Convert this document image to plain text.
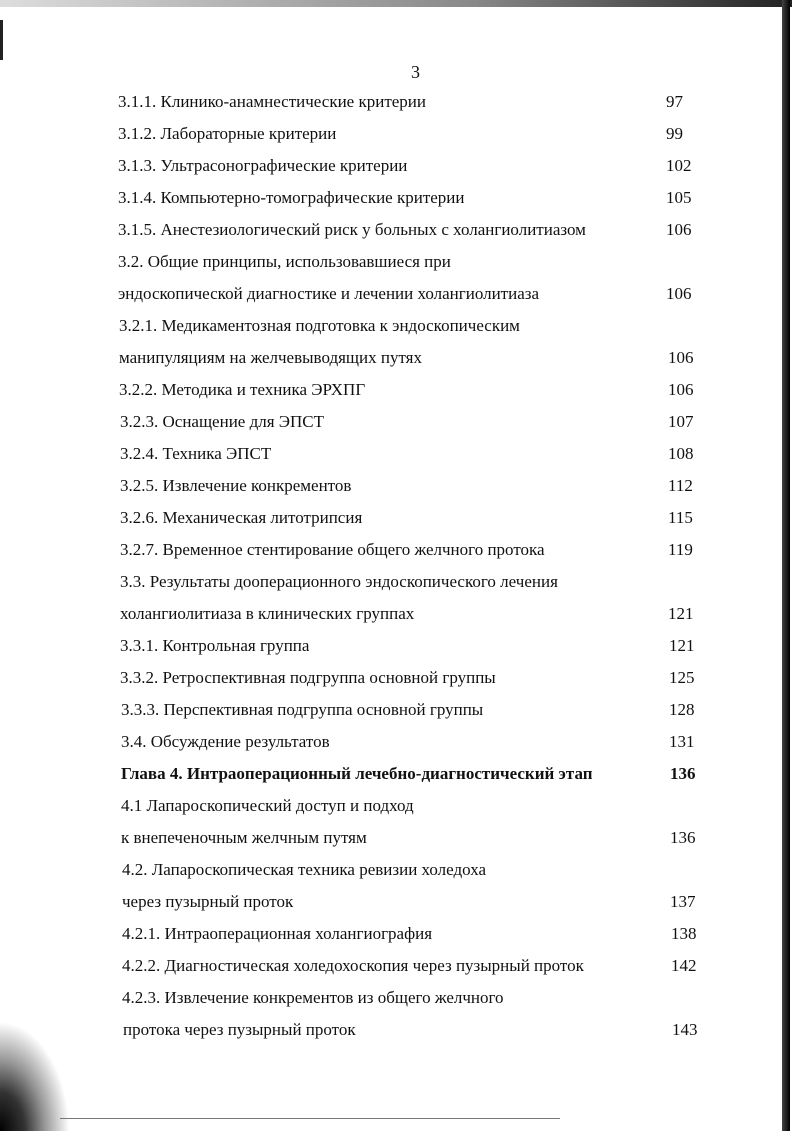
3
3.1.1. Клинико-анамнестические критерии	97
3.1.2. Лабораторные критерии	99
3.1.3. Ультрасонографические критерии	102
3.1.4. Компьютерно-томографические критерии	105
3.1.5. Анестезиологический риск у больных с холангиолитиазом	106
3.2. Общие принципы, использовавшиеся при
эндоскопической диагностике и лечении холангиолитиаза	106
3.2.1. Медикаментозная подготовка к эндоскопическим
манипуляциям на желчевыводящих путях	106
3.2.2. Методика и техника ЭРХПГ	106
3.2.3. Оснащение для ЭПСТ	107
3.2.4. Техника ЭПСТ	108
3.2.5. Извлечение конкрементов	112
3.2.6. Механическая литотрипсия	115
3.2.7. Временное стентирование общего желчного протока	119
3.3. Результаты дооперационного эндоскопического лечения
холангиолитиаза в клинических группах	121
3.3.1. Контрольная группа	121
3.3.2. Ретроспективная подгруппа основной группы	125
3.3.3. Перспективная подгруппа основной группы	128
3.4. Обсуждение результатов	131
Глава 4. Интраоперационный лечебно-диагностический этап	136
4.1 Лапароскопический доступ и подход
к внепеченочным желчным путям	136
4.2. Лапароскопическая техника ревизии холедоха
через пузырный проток	137
4.2.1. Интраоперационная холангиография	138
4.2.2. Диагностическая холедохоскопия через пузырный проток	142
4.2.3. Извлечение конкрементов из общего желчного
протока через пузырный проток	143
